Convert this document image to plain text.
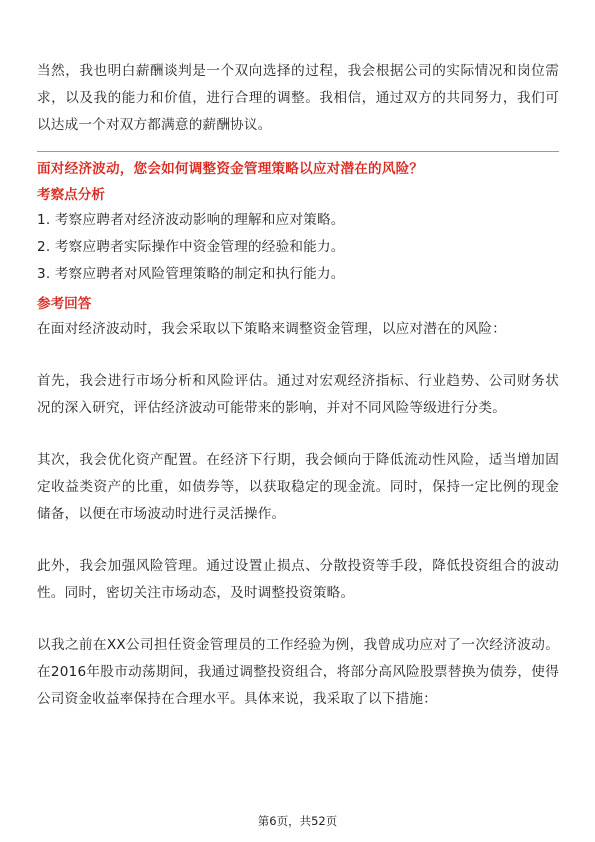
当然，我也明白薪酬谈判是一个双向选择的过程，我会根据公司的实际情况和岗位需求，以及我的能力和价值，进行合理的调整。我相信，通过双方的共同努力，我们可以达成一个对双方都满意的薪酬协议。

面对经济波动，您会如何调整资金管理策略以应对潜在的风险？

考察点分析

1. 考察应聘者对经济波动影响的理解和应对策略。
2. 考察应聘者实际操作中资金管理的经验和能力。
3. 考察应聘者对风险管理策略的制定和执行能力。

参考回答

在面对经济波动时，我会采取以下策略来调整资金管理，以应对潜在的风险：

首先，我会进行市场分析和风险评估。通过对宏观经济指标、行业趋势、公司财务状况的深入研究，评估经济波动可能带来的影响，并对不同风险等级进行分类。

其次，我会优化资产配置。在经济下行期，我会倾向于降低流动性风险，适当增加固定收益类资产的比重，如债券等，以获取稳定的现金流。同时，保持一定比例的现金储备，以便在市场波动时进行灵活操作。

此外，我会加强风险管理。通过设置止损点、分散投资等手段，降低投资组合的波动性。同时，密切关注市场动态，及时调整投资策略。

以我之前在XX公司担任资金管理员的工作经验为例，我曾成功应对了一次经济波动。在2016年股市动荡期间，我通过调整投资组合，将部分高风险股票替换为债券，使得公司资金收益率保持在合理水平。具体来说，我采取了以下措施：

第6页，共52页
